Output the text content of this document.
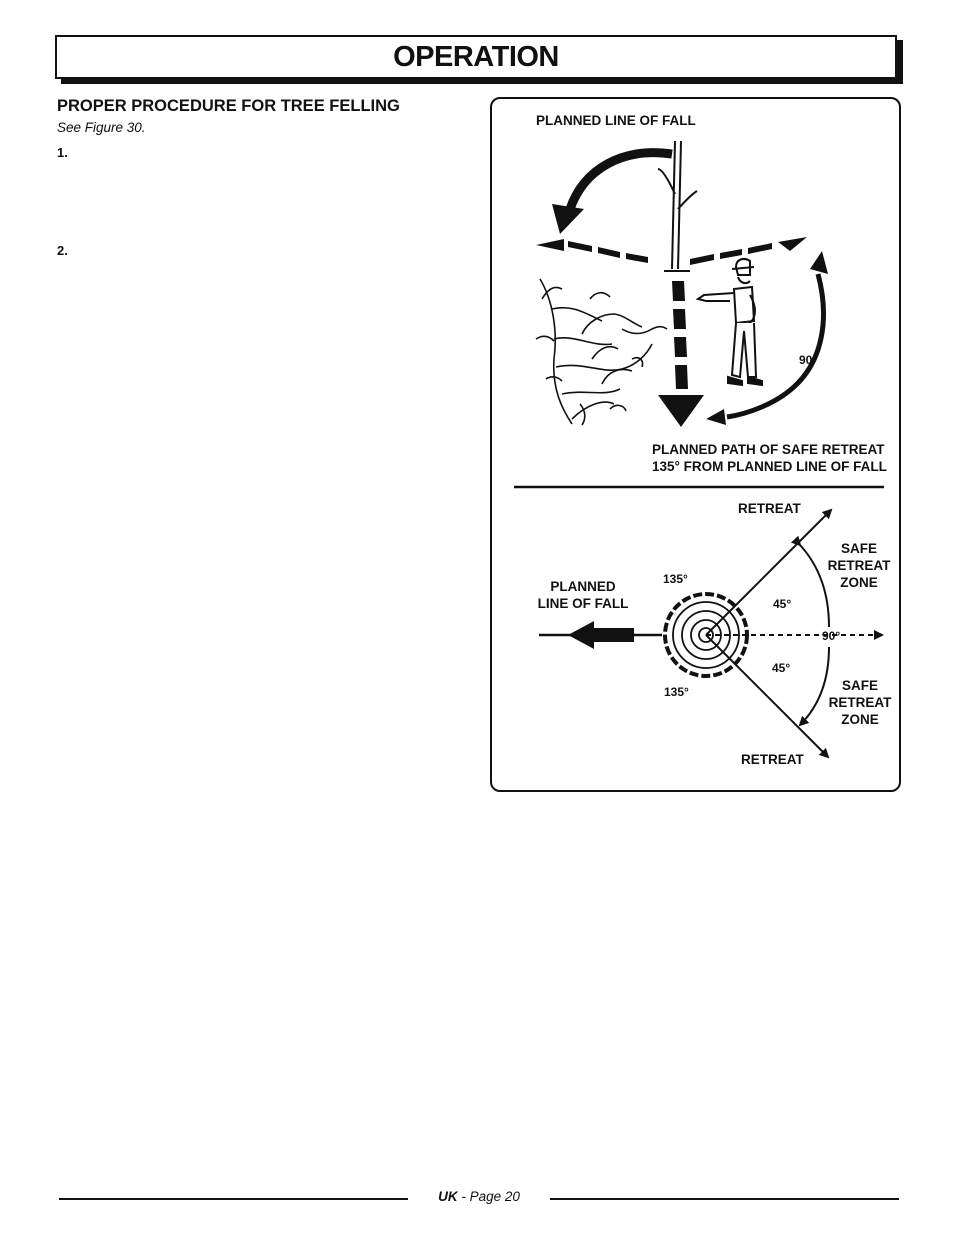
OPERATION
PROPER PROCEDURE FOR TREE FELLING
See Figure 30.
1.
2.
PLANNED LINE OF FALL
90°
PLANNED PATH OF SAFE RETREAT
135° FROM PLANNED LINE OF FALL
RETREAT
RETREAT
PLANNED
LINE OF FALL
135°
135°
45°
45°
90°
SAFE
RETREAT
ZONE
SAFE
RETREAT
ZONE
UK - Page 20
